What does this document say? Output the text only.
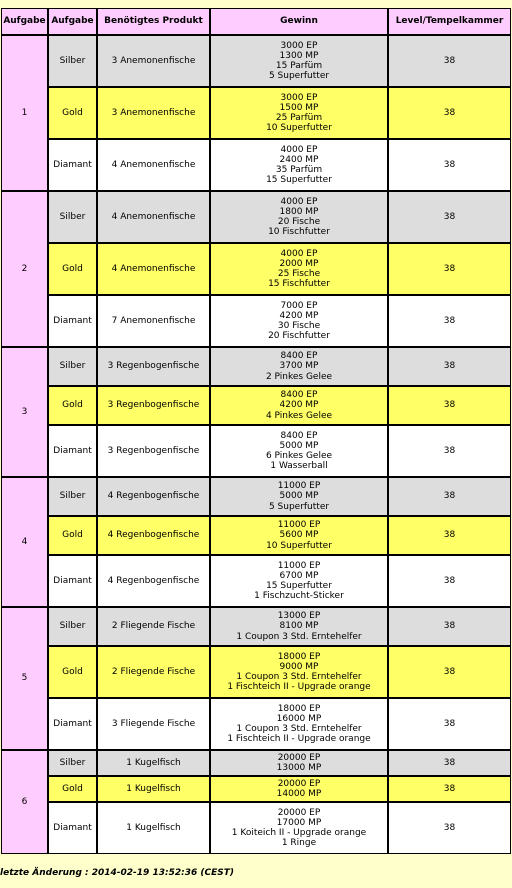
Aufgabe	Aufgabe	Benötigtes Produkt	Gewinn	Level/Tempelkammer
1	Silber	3 Anemonenfische	3000 EP
1300 MP
15 Parfüm
5 Superfutter	38
	Gold	3 Anemonenfische	3000 EP
1500 MP
25 Parfüm
10 Superfutter	38
	Diamant	4 Anemonenfische	4000 EP
2400 MP
35 Parfüm
15 Superfutter	38
2	Silber	4 Anemonenfische	4000 EP
1800 MP
20 Fische
10 Fischfutter	38
	Gold	4 Anemonenfische	4000 EP
2000 MP
25 Fische
15 Fischfutter	38
	Diamant	7 Anemonenfische	7000 EP
4200 MP
30 Fische
20 Fischfutter	38
3	Silber	3 Regenbogenfische	8400 EP
3700 MP
2 Pinkes Gelee	38
	Gold	3 Regenbogenfische	8400 EP
4200 MP
4 Pinkes Gelee	38
	Diamant	3 Regenbogenfische	8400 EP
5000 MP
6 Pinkes Gelee
1 Wasserball	38
4	Silber	4 Regenbogenfische	11000 EP
5000 MP
5 Superfutter	38
	Gold	4 Regenbogenfische	11000 EP
5600 MP
10 Superfutter	38
	Diamant	4 Regenbogenfische	11000 EP
6700 MP
15 Superfutter
1 Fischzucht-Sticker	38
5	Silber	2 Fliegende Fische	13000 EP
8100 MP
1 Coupon 3 Std. Erntehelfer	38
	Gold	2 Fliegende Fische	18000 EP
9000 MP
1 Coupon 3 Std. Erntehelfer
1 Fischteich II - Upgrade orange	38
	Diamant	3 Fliegende Fische	18000 EP
16000 MP
1 Coupon 3 Std. Erntehelfer
1 Fischteich II - Upgrade orange	38
6	Silber	1 Kugelfisch	20000 EP
13000 MP	38
	Gold	1 Kugelfisch	20000 EP
14000 MP	38
	Diamant	1 Kugelfisch	20000 EP
17000 MP
1 Koiteich II - Upgrade orange
1 Ringe	38
letzte Änderung : 2014-02-19 13:52:36 (CEST)
